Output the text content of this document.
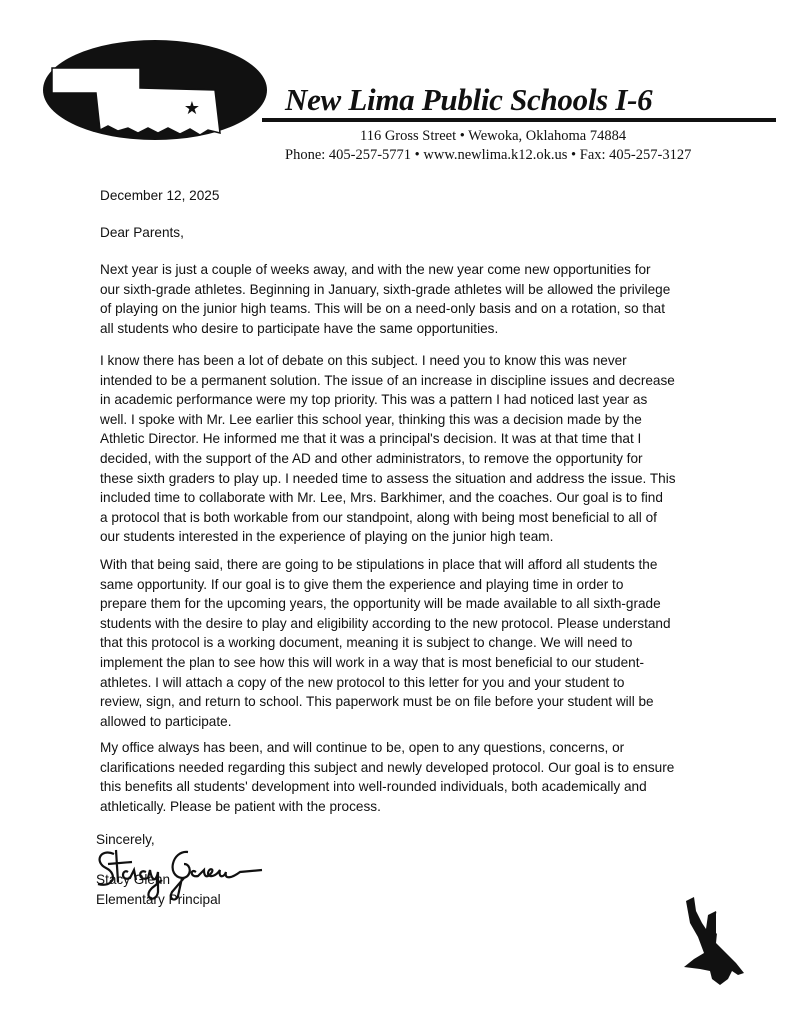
★	New Lima Public Schools I-6
116 Gross Street • Wewoka, Oklahoma 74884
Phone: 405-257-5771 • www.newlima.k12.ok.us • Fax: 405-257-3127
December 12, 2025
Dear Parents,
Next year is just a couple of weeks away, and with the new year come new opportunities for
our sixth-grade athletes. Beginning in January, sixth-grade athletes will be allowed the privilege
of playing on the junior high teams. This will be on a need-only basis and on a rotation, so that
all students who desire to participate have the same opportunities.
I know there has been a lot of debate on this subject. I need you to know this was never
intended to be a permanent solution. The issue of an increase in discipline issues and decrease
in academic performance were my top priority. This was a pattern I had noticed last year as
well. I spoke with Mr. Lee earlier this school year, thinking this was a decision made by the
Athletic Director. He informed me that it was a principal's decision. It was at that time that I
decided, with the support of the AD and other administrators, to remove the opportunity for
these sixth graders to play up. I needed time to assess the situation and address the issue. This
included time to collaborate with Mr. Lee, Mrs. Barkhimer, and the coaches. Our goal is to find
a protocol that is both workable from our standpoint, along with being most beneficial to all of
our students interested in the experience of playing on the junior high team.
With that being said, there are going to be stipulations in place that will afford all students the
same opportunity. If our goal is to give them the experience and playing time in order to
prepare them for the upcoming years, the opportunity will be made available to all sixth-grade
students with the desire to play and eligibility according to the new protocol. Please understand
that this protocol is a working document, meaning it is subject to change. We will need to
implement the plan to see how this will work in a way that is most beneficial to our student-
athletes. I will attach a copy of the new protocol to this letter for you and your student to
review, sign, and return to school. This paperwork must be on file before your student will be
allowed to participate.
My office always has been, and will continue to be, open to any questions, concerns, or
clarifications needed regarding this subject and newly developed protocol. Our goal is to ensure
this benefits all students' development into well-rounded individuals, both academically and
athletically. Please be patient with the process.
Sincerely,
Stacy Glenn
Elementary Principal
